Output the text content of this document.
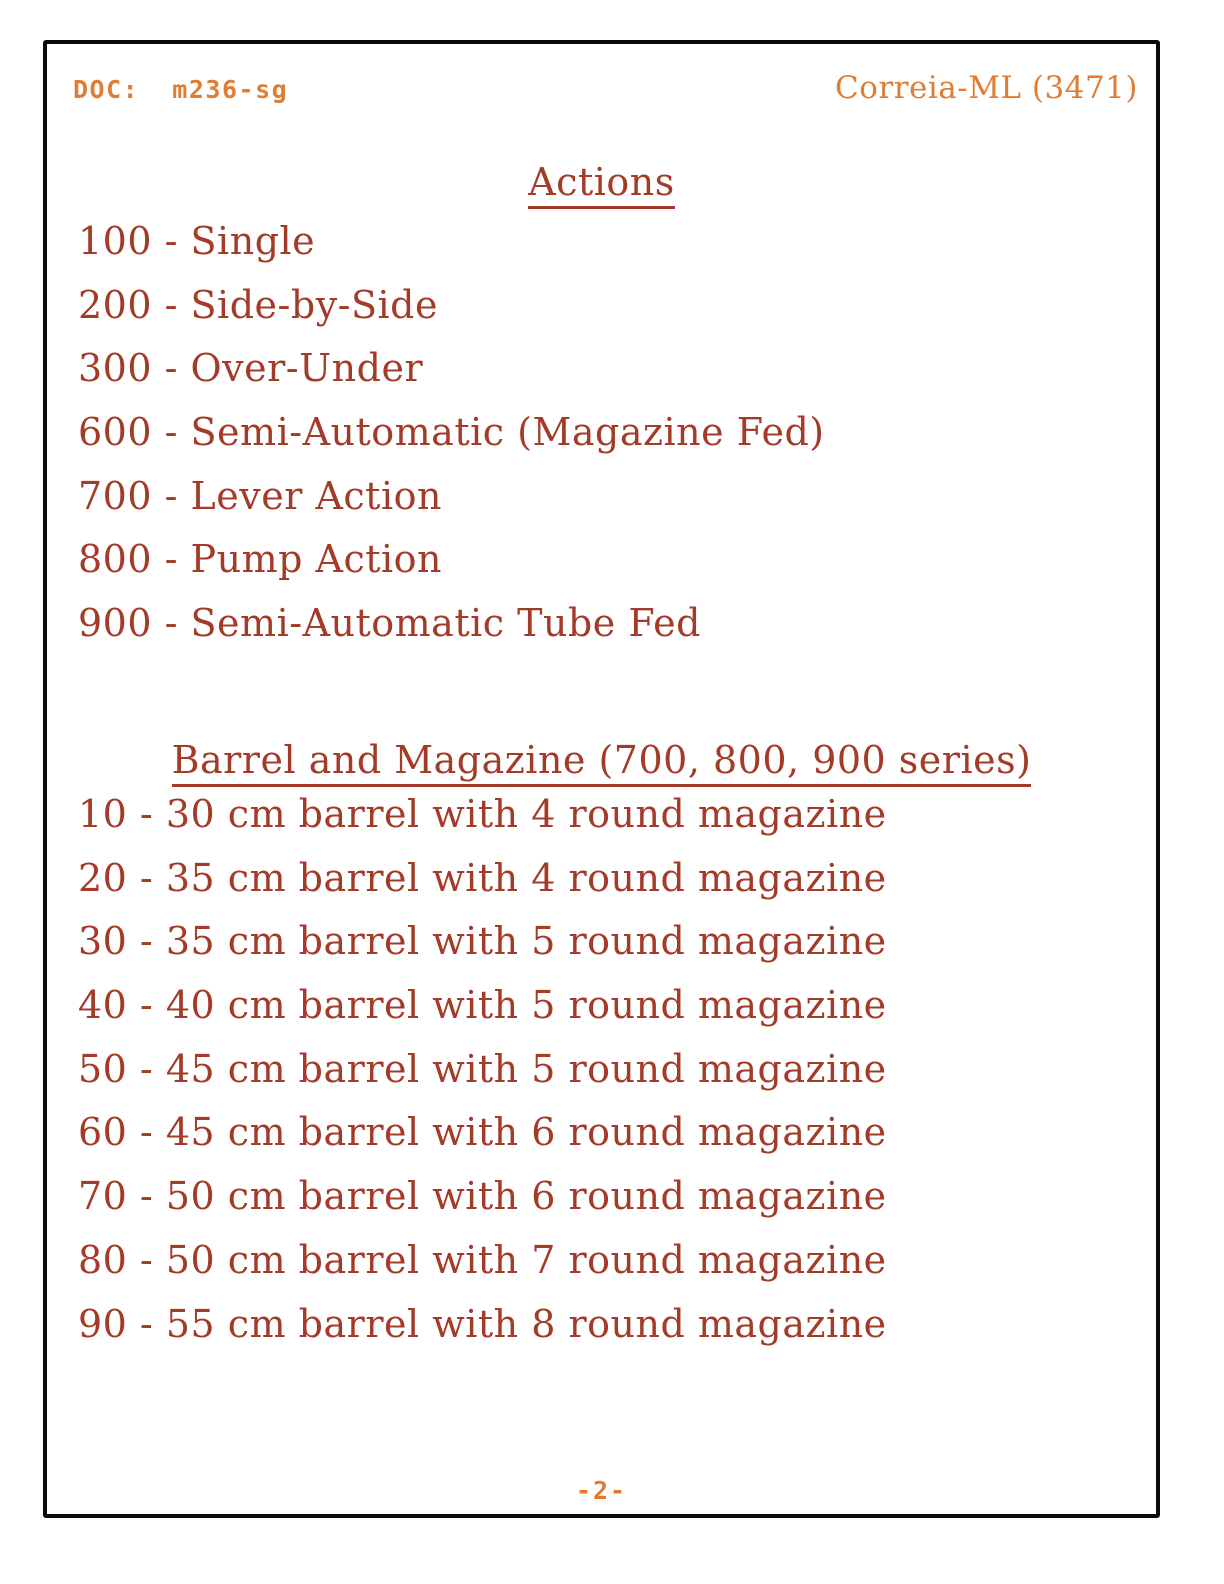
DOC:  m236-sg	Correia-ML (3471)
Actions
100 - Single
200 - Side-by-Side
300 - Over-Under
600 - Semi-Automatic (Magazine Fed)
700 - Lever Action
800 - Pump Action
900 - Semi-Automatic Tube Fed
Barrel and Magazine (700, 800, 900 series)
10 - 30 cm barrel with 4 round magazine
20 - 35 cm barrel with 4 round magazine
30 - 35 cm barrel with 5 round magazine
40 - 40 cm barrel with 5 round magazine
50 - 45 cm barrel with 5 round magazine
60 - 45 cm barrel with 6 round magazine
70 - 50 cm barrel with 6 round magazine
80 - 50 cm barrel with 7 round magazine
90 - 55 cm barrel with 8 round magazine
-2-
